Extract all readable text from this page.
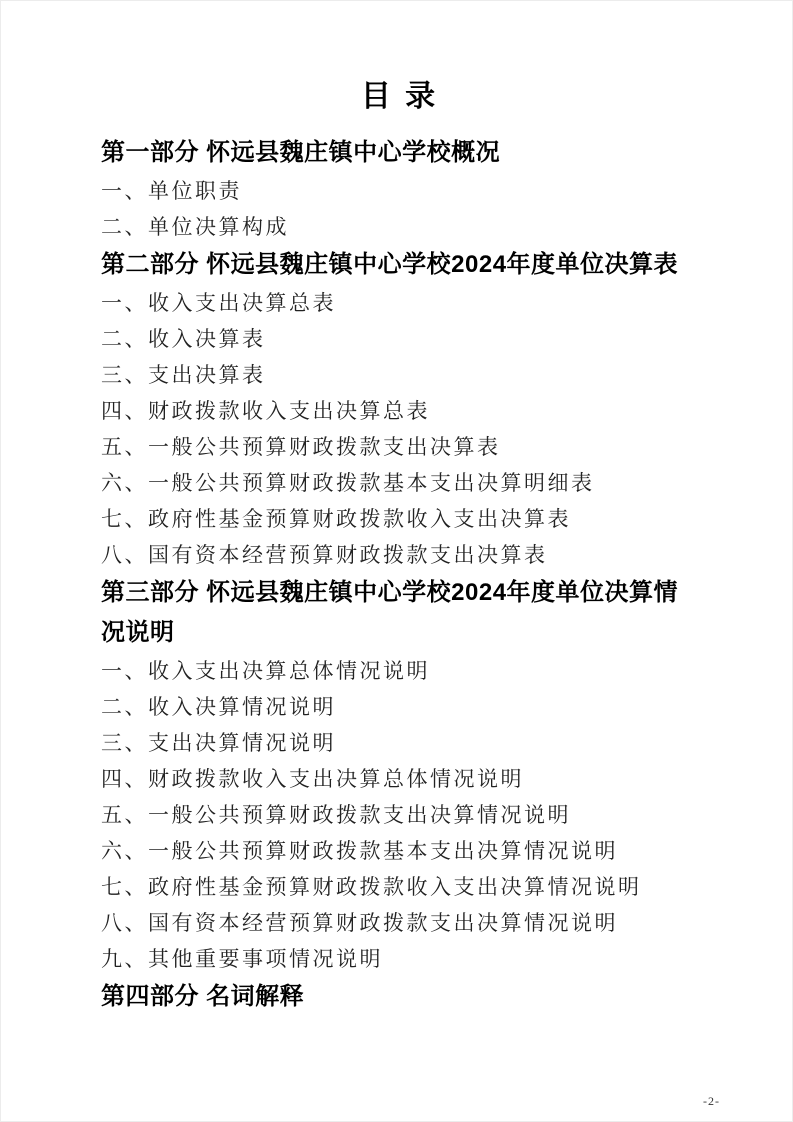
目 录
第一部分 怀远县魏庄镇中心学校概况
一、单位职责
二、单位决算构成
第二部分 怀远县魏庄镇中心学校2024年度单位决算表
一、收入支出决算总表
二、收入决算表
三、支出决算表
四、财政拨款收入支出决算总表
五、一般公共预算财政拨款支出决算表
六、一般公共预算财政拨款基本支出决算明细表
七、政府性基金预算财政拨款收入支出决算表
八、国有资本经营预算财政拨款支出决算表
第三部分 怀远县魏庄镇中心学校2024年度单位决算情况说明
一、收入支出决算总体情况说明
二、收入决算情况说明
三、支出决算情况说明
四、财政拨款收入支出决算总体情况说明
五、一般公共预算财政拨款支出决算情况说明
六、一般公共预算财政拨款基本支出决算情况说明
七、政府性基金预算财政拨款收入支出决算情况说明
八、国有资本经营预算财政拨款支出决算情况说明
九、其他重要事项情况说明
第四部分 名词解释
-2-
